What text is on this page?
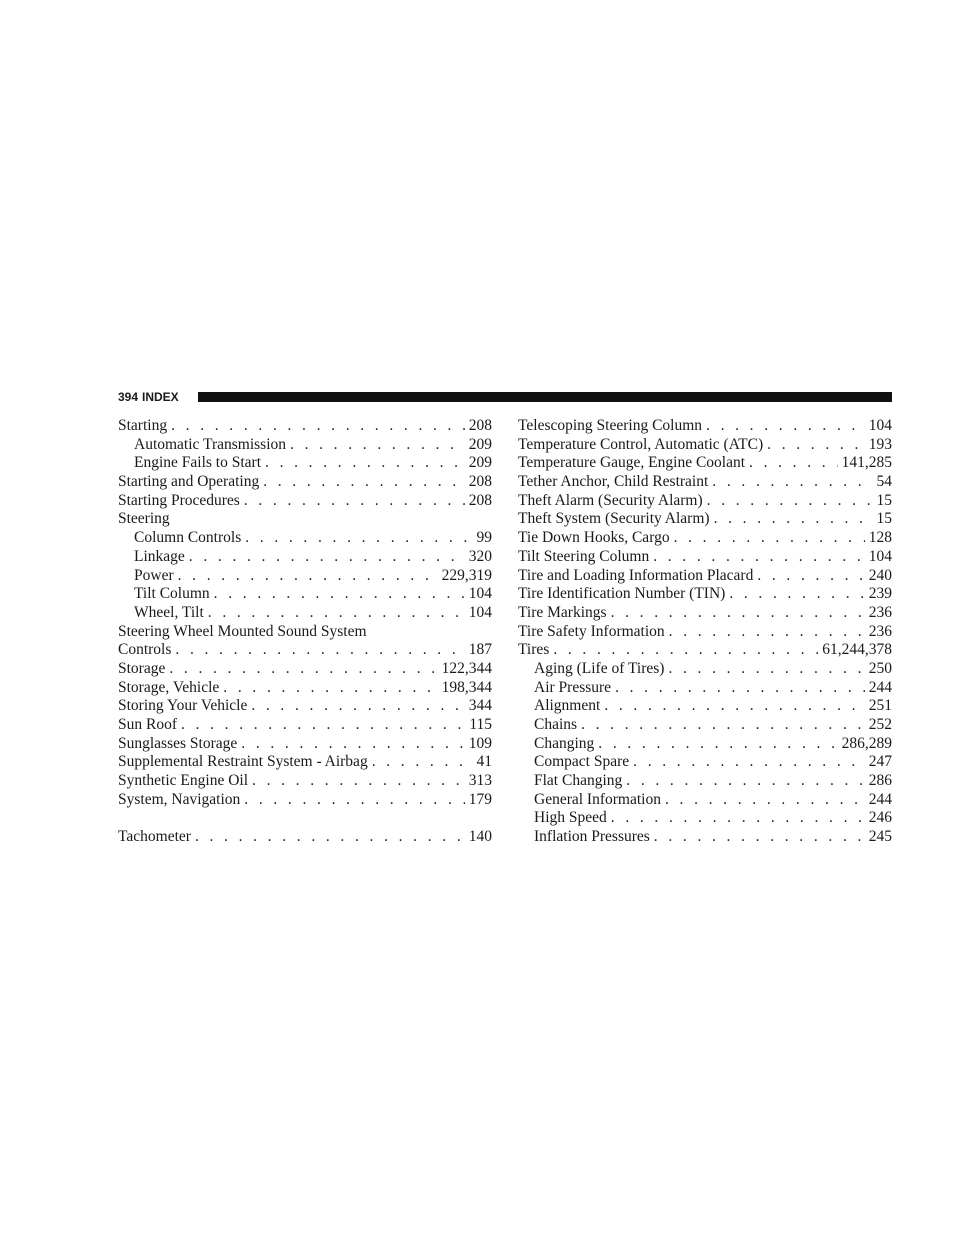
394 INDEX
Starting . . .	208
Automatic Transmission . . .	209
Engine Fails to Start . . .	209
Starting and Operating . . .	208
Starting Procedures . . .	208
Steering
Column Controls . . .	99
Linkage . . .	320
Power . . .	229,319
Tilt Column . . .	104
Wheel, Tilt . . .	104
Steering Wheel Mounted Sound System
Controls . . .	187
Storage . . .	122,344
Storage, Vehicle . . .	198,344
Storing Your Vehicle . . .	344
Sun Roof . . .	115
Sunglasses Storage . . .	109
Supplemental Restraint System - Airbag . . .	41
Synthetic Engine Oil . . .	313
System, Navigation . . .	179
Tachometer . . .	140
Telescoping Steering Column . . .	104
Temperature Control, Automatic (ATC) . . .	193
Temperature Gauge, Engine Coolant . . .	141,285
Tether Anchor, Child Restraint . . .	54
Theft Alarm (Security Alarm) . . .	15
Theft System (Security Alarm) . . .	15
Tie Down Hooks, Cargo . . .	128
Tilt Steering Column . . .	104
Tire and Loading Information Placard . . .	240
Tire Identification Number (TIN) . . .	239
Tire Markings . . .	236
Tire Safety Information . . .	236
Tires . . .	61,244,378
Aging (Life of Tires) . . .	250
Air Pressure . . .	244
Alignment . . .	251
Chains . . .	252
Changing . . .	286,289
Compact Spare . . .	247
Flat Changing . . .	286
General Information . . .	244
High Speed . . .	246
Inflation Pressures . . .	245
